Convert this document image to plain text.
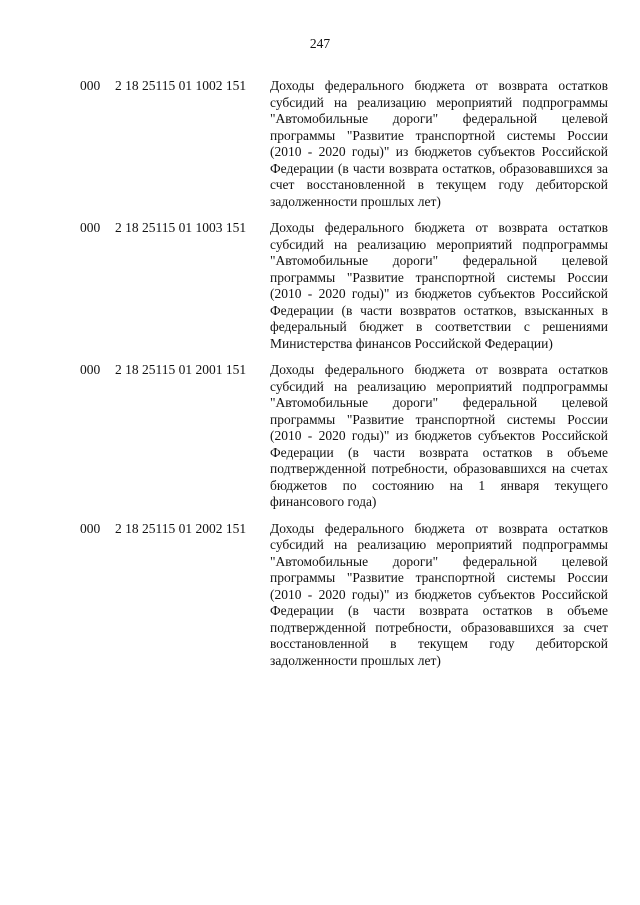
247
000 2 18 25115 01 1002 151 Доходы федерального бюджета от возврата остатков субсидий на реализацию мероприятий подпрограммы "Автомобильные дороги" федеральной целевой программы "Развитие транспортной системы России (2010 - 2020 годы)" из бюджетов субъектов Российской Федерации (в части возврата остатков, образовавшихся за счет восстановленной в текущем году дебиторской задолженности прошлых лет)
000 2 18 25115 01 1003 151 Доходы федерального бюджета от возврата остатков субсидий на реализацию мероприятий подпрограммы "Автомобильные дороги" федеральной целевой программы "Развитие транспортной системы России (2010 - 2020 годы)" из бюджетов субъектов Российской Федерации (в части возвратов остатков, взысканных в федеральный бюджет в соответствии с решениями Министерства финансов Российской Федерации)
000 2 18 25115 01 2001 151 Доходы федерального бюджета от возврата остатков субсидий на реализацию мероприятий подпрограммы "Автомобильные дороги" федеральной целевой программы "Развитие транспортной системы России (2010 - 2020 годы)" из бюджетов субъектов Российской Федерации (в части возврата остатков в объеме подтвержденной потребности, образовавшихся на счетах бюджетов по состоянию на 1 января текущего финансового года)
000 2 18 25115 01 2002 151 Доходы федерального бюджета от возврата остатков субсидий на реализацию мероприятий подпрограммы "Автомобильные дороги" федеральной целевой программы "Развитие транспортной системы России (2010 - 2020 годы)" из бюджетов субъектов Российской Федерации (в части возврата остатков в объеме подтвержденной потребности, образовавшихся за счет восстановленной в текущем году дебиторской задолженности прошлых лет)
